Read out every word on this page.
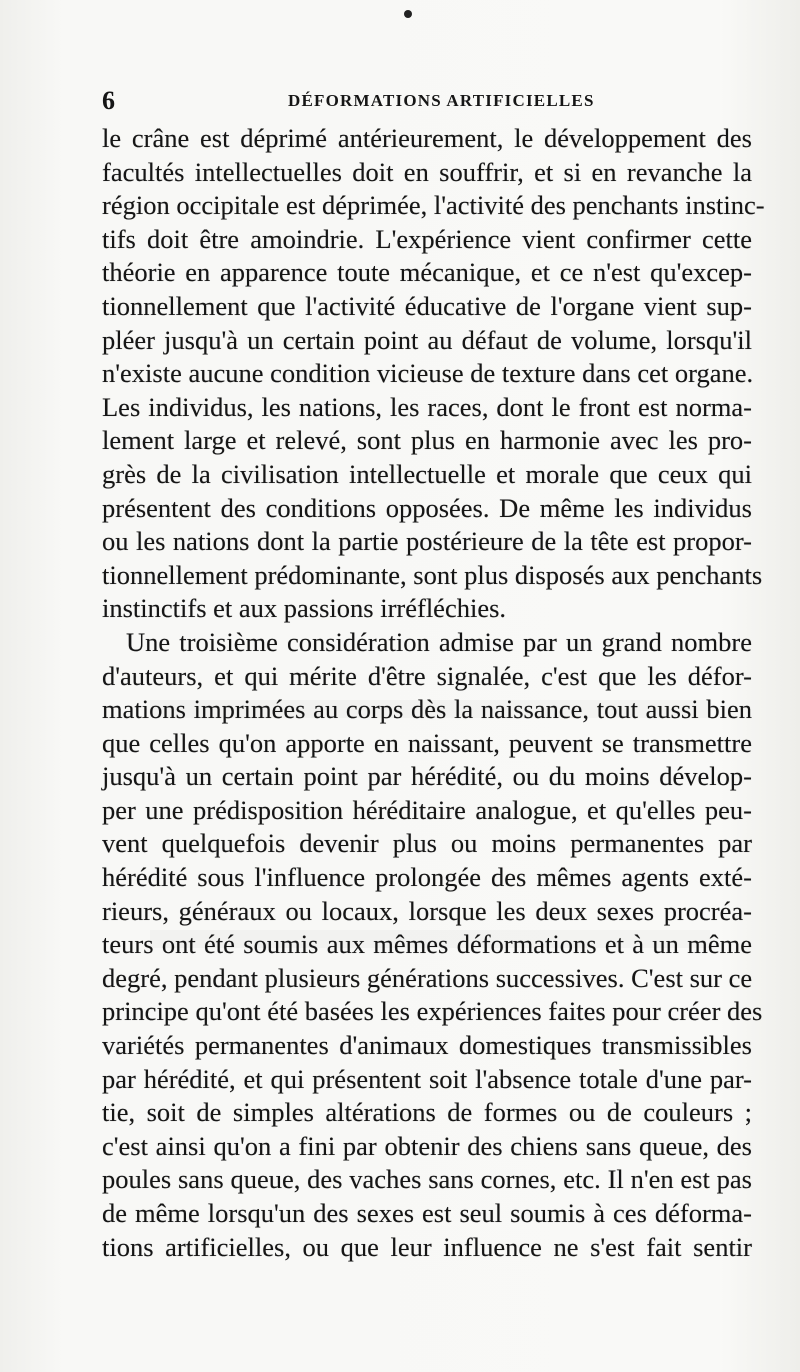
6	DÉFORMATIONS ARTIFICIELLES
le crâne est déprimé antérieurement, le développement des
facultés intellectuelles doit en souffrir, et si en revanche la
région occipitale est déprimée, l'activité des penchants instinc-
tifs doit être amoindrie. L'expérience vient confirmer cette
théorie en apparence toute mécanique, et ce n'est qu'excep-
tionnellement que l'activité éducative de l'organe vient sup-
pléer jusqu'à un certain point au défaut de volume, lorsqu'il
n'existe aucune condition vicieuse de texture dans cet organe.
Les individus, les nations, les races, dont le front est norma-
lement large et relevé, sont plus en harmonie avec les pro-
grès de la civilisation intellectuelle et morale que ceux qui
présentent des conditions opposées. De même les individus
ou les nations dont la partie postérieure de la tête est propor-
tionnellement prédominante, sont plus disposés aux penchants
instinctifs et aux passions irréfléchies.
Une troisième considération admise par un grand nombre
d'auteurs, et qui mérite d'être signalée, c'est que les défor-
mations imprimées au corps dès la naissance, tout aussi bien
que celles qu'on apporte en naissant, peuvent se transmettre
jusqu'à un certain point par hérédité, ou du moins dévelop-
per une prédisposition héréditaire analogue, et qu'elles peu-
vent quelquefois devenir plus ou moins permanentes par
hérédité sous l'influence prolongée des mêmes agents exté-
rieurs, généraux ou locaux, lorsque les deux sexes procréa-
teurs ont été soumis aux mêmes déformations et à un même
degré, pendant plusieurs générations successives. C'est sur ce
principe qu'ont été basées les expériences faites pour créer des
variétés permanentes d'animaux domestiques transmissibles
par hérédité, et qui présentent soit l'absence totale d'une par-
tie, soit de simples altérations de formes ou de couleurs ;
c'est ainsi qu'on a fini par obtenir des chiens sans queue, des
poules sans queue, des vaches sans cornes, etc. Il n'en est pas
de même lorsqu'un des sexes est seul soumis à ces déforma-
tions artificielles, ou que leur influence ne s'est fait sentir
